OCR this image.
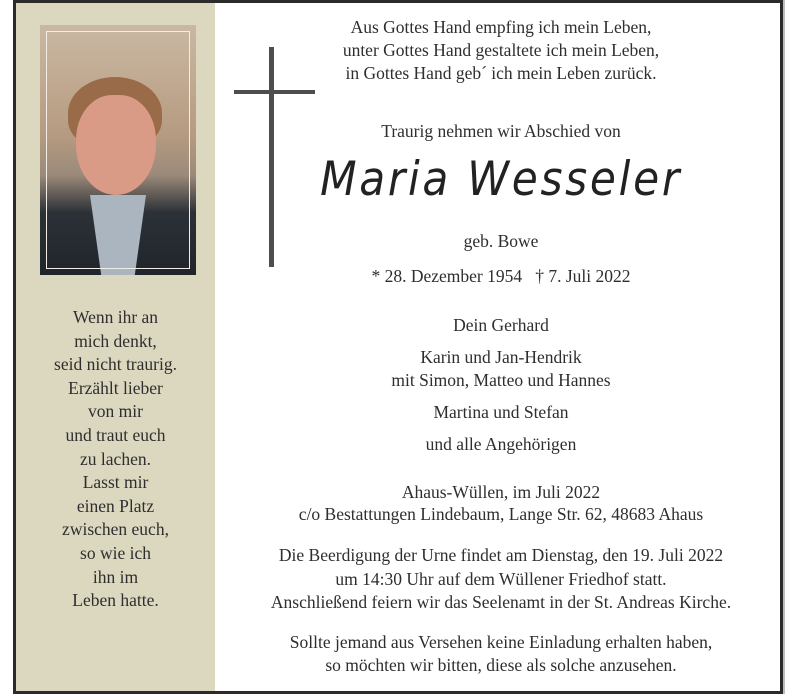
Wenn ihr an
mich denkt,
seid nicht traurig.
Erzählt lieber
von mir
und traut euch
zu lachen.
Lasst mir
einen Platz
zwischen euch,
so wie ich
ihn im
Leben hatte.
Aus Gottes Hand empfing ich mein Leben,
unter Gottes Hand gestaltete ich mein Leben,
in Gottes Hand geb´ ich mein Leben zurück.
Traurig nehmen wir Abschied von
Maria Wesseler
geb. Bowe
* 28. Dezember 1954 † 7. Juli 2022
Dein Gerhard
Karin und Jan-Hendrik
mit Simon, Matteo und Hannes
Martina und Stefan
und alle Angehörigen
Ahaus-Wüllen, im Juli 2022
c/o Bestattungen Lindebaum, Lange Str. 62, 48683 Ahaus
Die Beerdigung der Urne findet am Dienstag, den 19. Juli 2022
um 14:30 Uhr auf dem Wüllener Friedhof statt.
Anschließend feiern wir das Seelenamt in der St. Andreas Kirche.
Sollte jemand aus Versehen keine Einladung erhalten haben,
so möchten wir bitten, diese als solche anzusehen.
